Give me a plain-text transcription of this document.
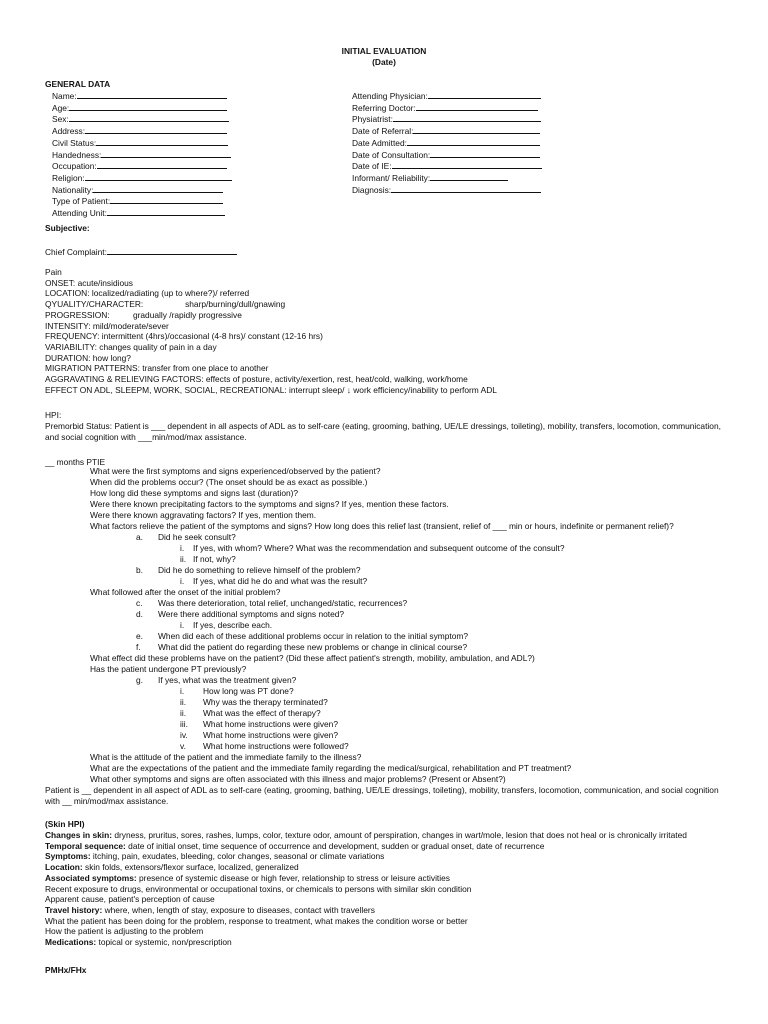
INITIAL EVALUATION
(Date)
GENERAL DATA
Name:
Age:
Sex:
Address:
Civil Status:
Handedness:
Occupation:
Religion:
Nationality:
Type of Patient:
Attending Unit:
Attending Physician:
Referring Doctor:
Physiatrist:
Date of Referral:
Date Admitted:
Date of Consultation:
Date of IE:
Informant/ Reliability:
Diagnosis:
Subjective:
Chief Complaint:
Pain
ONSET: acute/insidious
LOCATION: localized/radiating (up to where?)/ referred
QYUALITY/CHARACTER:                  sharp/burning/dull/gnawing
PROGRESSION:          gradually /rapidly progressive
INTENSITY: mild/moderate/sever
FREQUENCY: intermittent (4hrs)/occasional (4-8 hrs)/ constant (12-16 hrs)
VARIABILITY: changes quality of pain in a day
DURATION: how long?
MIGRATION PATTERNS: transfer from one place to another
AGGRAVATING & RELIEVING FACTORS: effects of posture, activity/exertion, rest, heat/cold, walking, work/home
EFFECT ON ADL, SLEEPM, WORK, SOCIAL, RECREATIONAL: interrupt sleep/ ↓ work efficiency/inability to perform ADL
HPI:
Premorbid Status: Patient is ___ dependent in all aspects of ADL as to self-care (eating, grooming, bathing, UE/LE dressings, toileting), mobility, transfers, locomotion, communication, and social cognition with ___min/mod/max assistance.
__ months PTIE
What were the first symptoms and signs experienced/observed by the patient?
When did the problems occur? (The onset should be as exact as possible.)
How long did these symptoms and signs last (duration)?
Were there known precipitating factors to the symptoms and signs? If yes, mention these factors.
Were there known aggravating factors? If yes, mention them.
What factors relieve the patient of the symptoms and signs? How long does this relief last (transient, relief of ___ min or hours, indefinite or permanent relief)?
a. Did he seek consult?
i. If yes, with whom? Where? What was the recommendation and subsequent outcome of the consult?
ii. If not, why?
b. Did he do something to relieve himself of the problem?
i. If yes, what did he do and what was the result?
What followed after the onset of the initial problem?
c. Was there deterioration, total relief, unchanged/static, recurrences?
d. Were there additional symptoms and signs noted?
i. If yes, describe each.
e. When did each of these additional problems occur in relation to the initial symptom?
f. What did the patient do regarding these new problems or change in clinical course?
What effect did these problems have on the patient? (Did these affect patient's strength, mobility, ambulation, and ADL?)
Has the patient undergone PT previously?
g. If yes, what was the treatment given?
i. How long was PT done?
ii. Why was the therapy terminated?
ii. What was the effect of therapy?
iii. What home instructions were given?
iv. What home instructions were given?
v. What home instructions were followed?
What is the attitude of the patient and the immediate family to the illness?
What are the expectations of the patient and the immediate family regarding the medical/surgical, rehabilitation and PT treatment?
What other symptoms and signs are often associated with this illness and major problems? (Present or Absent?)
Patient is __ dependent in all aspect of ADL as to self-care (eating, grooming, bathing, UE/LE dressings, toileting), mobility, transfers, locomotion, communication, and social cognition with __ min/mod/max assistance.
(Skin HPI)
Changes in skin: dryness, pruritus, sores, rashes, lumps, color, texture odor, amount of perspiration, changes in wart/mole, lesion that does not heal or is chronically irritated
Temporal sequence: date of initial onset, time sequence of occurrence and development, sudden or gradual onset, date of recurrence
Symptoms: itching, pain, exudates, bleeding, color changes, seasonal or climate variations
Location: skin folds, extensors/flexor surface, localized, generalized
Associated symptoms: presence of systemic disease or high fever, relationship to stress or leisure activities
Recent exposure to drugs, environmental or occupational toxins, or chemicals to persons with similar skin condition
Apparent cause, patient's perception of cause
Travel history: where, when, length of stay, exposure to diseases, contact with travellers
What the patient has been doing for the problem, response to treatment, what makes the condition worse or better
How the patient is adjusting to the problem
Medications: topical or systemic, non/prescription
PMHx/FHx
